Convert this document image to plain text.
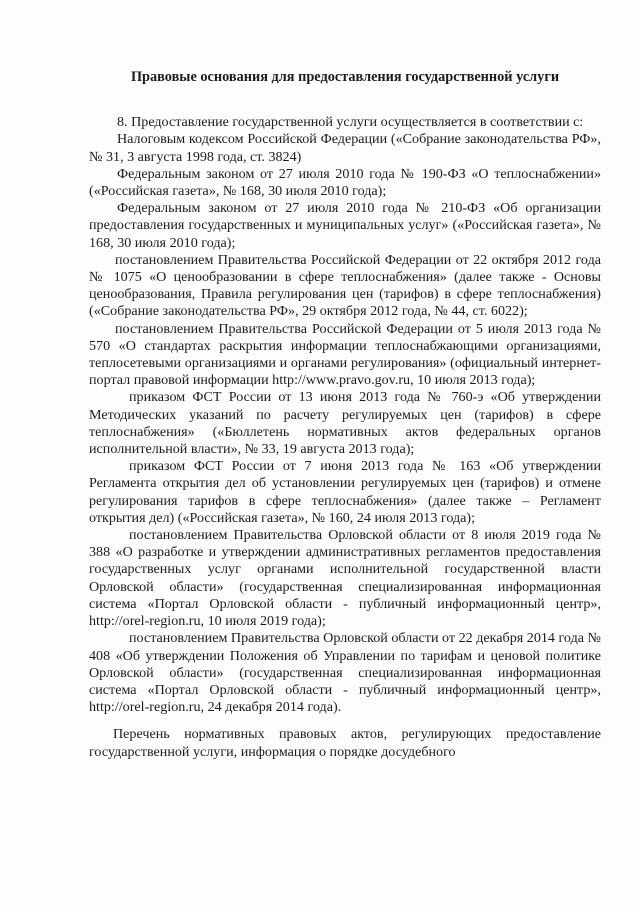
Правовые основания для предоставления государственной услуги

8. Предоставление государственной услуги осуществляется в соответствии с:

Налоговым кодексом Российской Федерации («Собрание законодательства РФ», № 31, 3 августа 1998 года, ст. 3824)

Федеральным законом от 27 июля 2010 года № 190-ФЗ «О теплоснабжении» («Российская газета», № 168, 30 июля 2010 года);

Федеральным законом от 27 июля 2010 года № 210-ФЗ «Об организации предоставления государственных и муниципальных услуг» («Российская газета», № 168, 30 июля 2010 года);

постановлением Правительства Российской Федерации от 22 октября 2012 года № 1075 «О ценообразовании в сфере теплоснабжения» (далее также - Основы ценообразования, Правила регулирования цен (тарифов) в сфере теплоснабжения) («Собрание законодательства РФ», 29 октября 2012 года, № 44, ст. 6022);

постановлением Правительства Российской Федерации от 5 июля 2013 года № 570 «О стандартах раскрытия информации теплоснабжающими организациями, теплосетевыми организациями и органами регулирования» (официальный интернет-портал правовой информации http://www.pravo.gov.ru, 10 июля 2013 года);

приказом ФСТ России от 13 июня 2013 года № 760-э «Об утверждении Методических указаний по расчету регулируемых цен (тарифов) в сфере теплоснабжения» («Бюллетень нормативных актов федеральных органов исполнительной власти», № 33, 19 августа 2013 года);

приказом ФСТ России от 7 июня 2013 года № 163 «Об утверждении Регламента открытия дел об установлении регулируемых цен (тарифов) и отмене регулирования тарифов в сфере теплоснабжения» (далее также – Регламент открытия дел) («Российская газета», № 160, 24 июля 2013 года);

постановлением Правительства Орловской области от 8 июля 2019 года № 388 «О разработке и утверждении административных регламентов предоставления государственных услуг органами исполнительной государственной власти Орловской области» (государственная специализированная информационная система «Портал Орловской области - публичный информационный центр», http://orel-region.ru, 10 июля 2019 года);

постановлением Правительства Орловской области от 22 декабря 2014 года № 408 «Об утверждении Положения об Управлении по тарифам и ценовой политике Орловской области» (государственная специализированная информационная система «Портал Орловской области - публичный информационный центр», http://orel-region.ru, 24 декабря 2014 года).

Перечень нормативных правовых актов, регулирующих предоставление государственной услуги, информация о порядке досудебного
